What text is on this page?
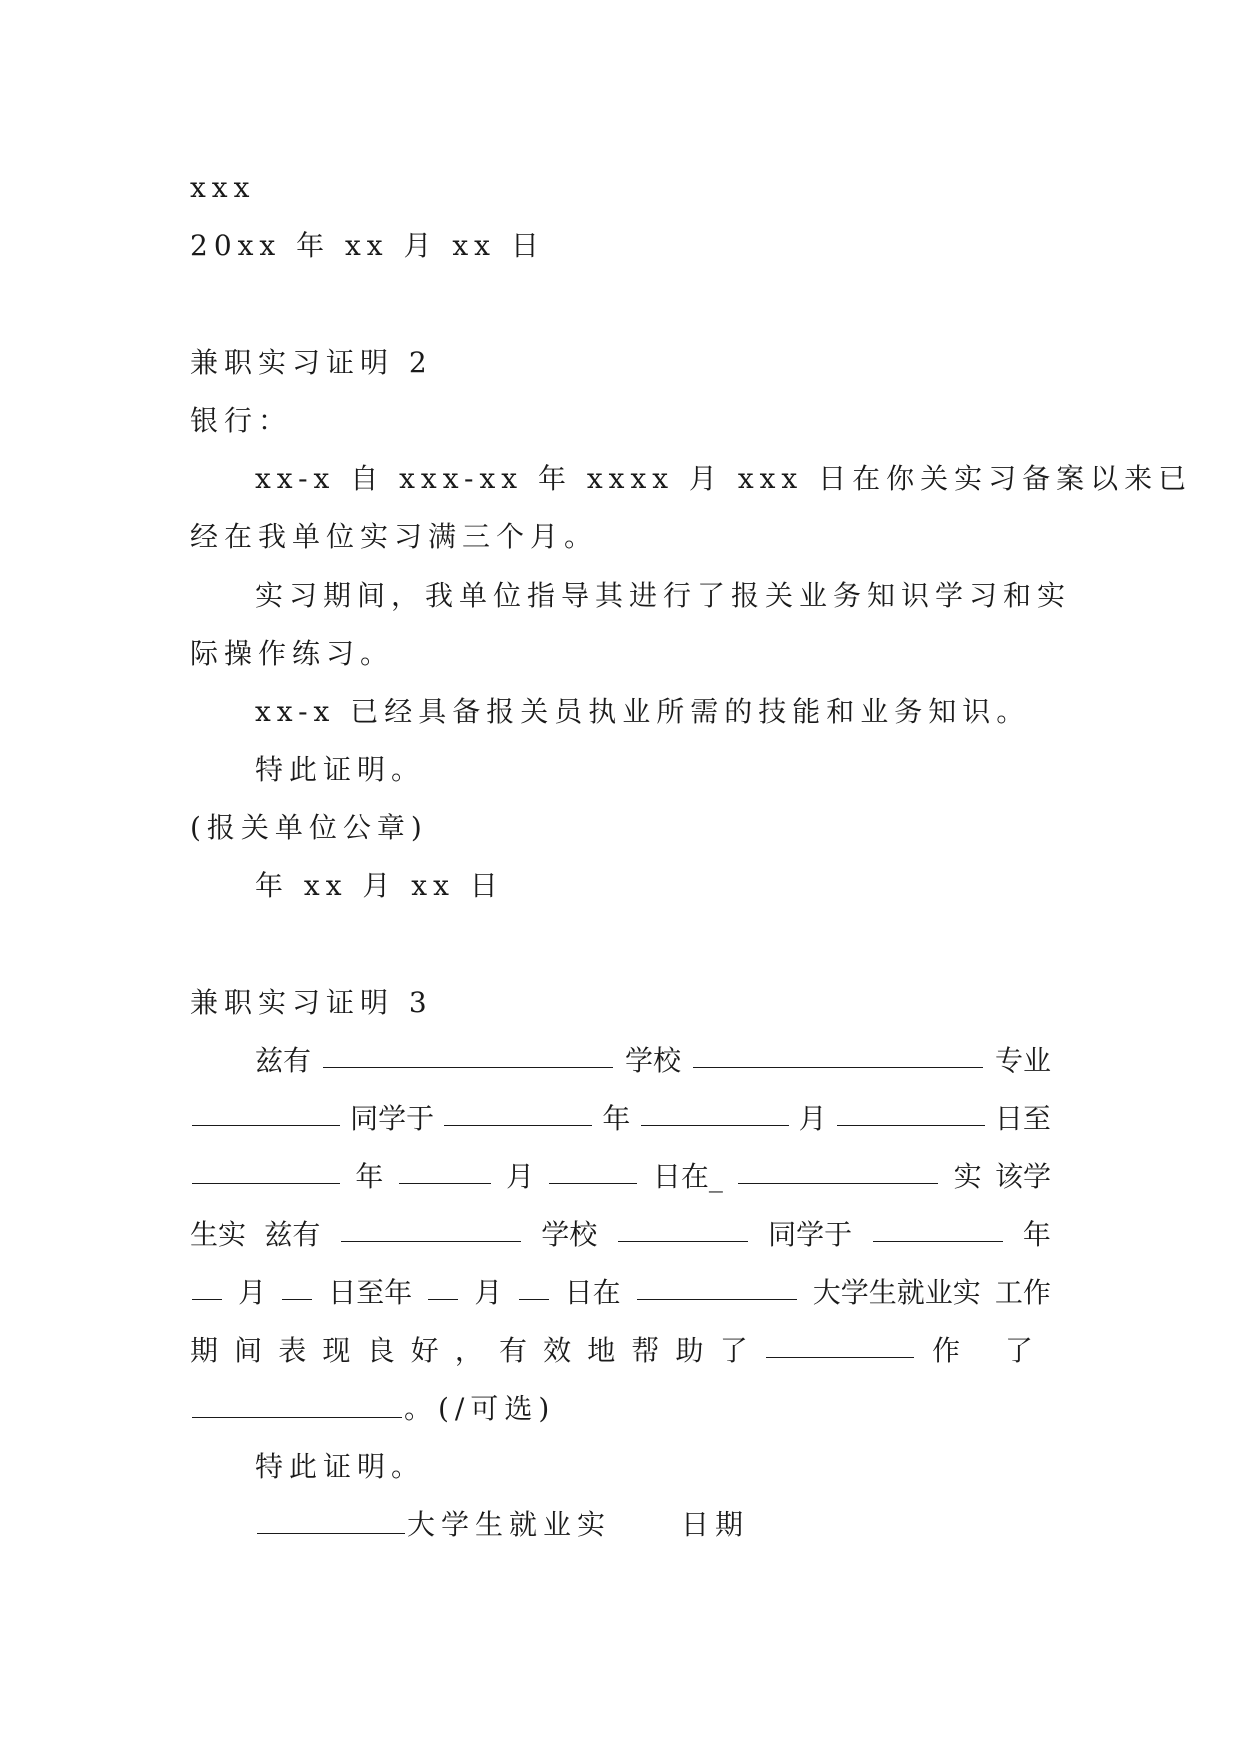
xxx
20xx 年 xx 月 xx 日
兼职实习证明 2
银行：
xx-x 自 xxx-xx 年 xxxx 月 xxx 日在你关实习备案以来已
经在我单位实习满三个月。
实习期间，我单位指导其进行了报关业务知识学习和实
际操作练习。
xx-x 已经具备报关员执业所需的技能和业务知识。
特此证明。
(报关单位公章)
年 xx 月 xx 日
兼职实习证明 3
兹有	学校	专业
同学于	年	月	日至
年	月	日在_	实 该学
生实 兹有	学校	同学于	年
月 日至年 月 日在	大学生就业实 工作
期 间 表 现 良 好 ， 有 效 地 帮 助 了	作 了
。(/可选)
特此证明。
大学生就业实	日期
